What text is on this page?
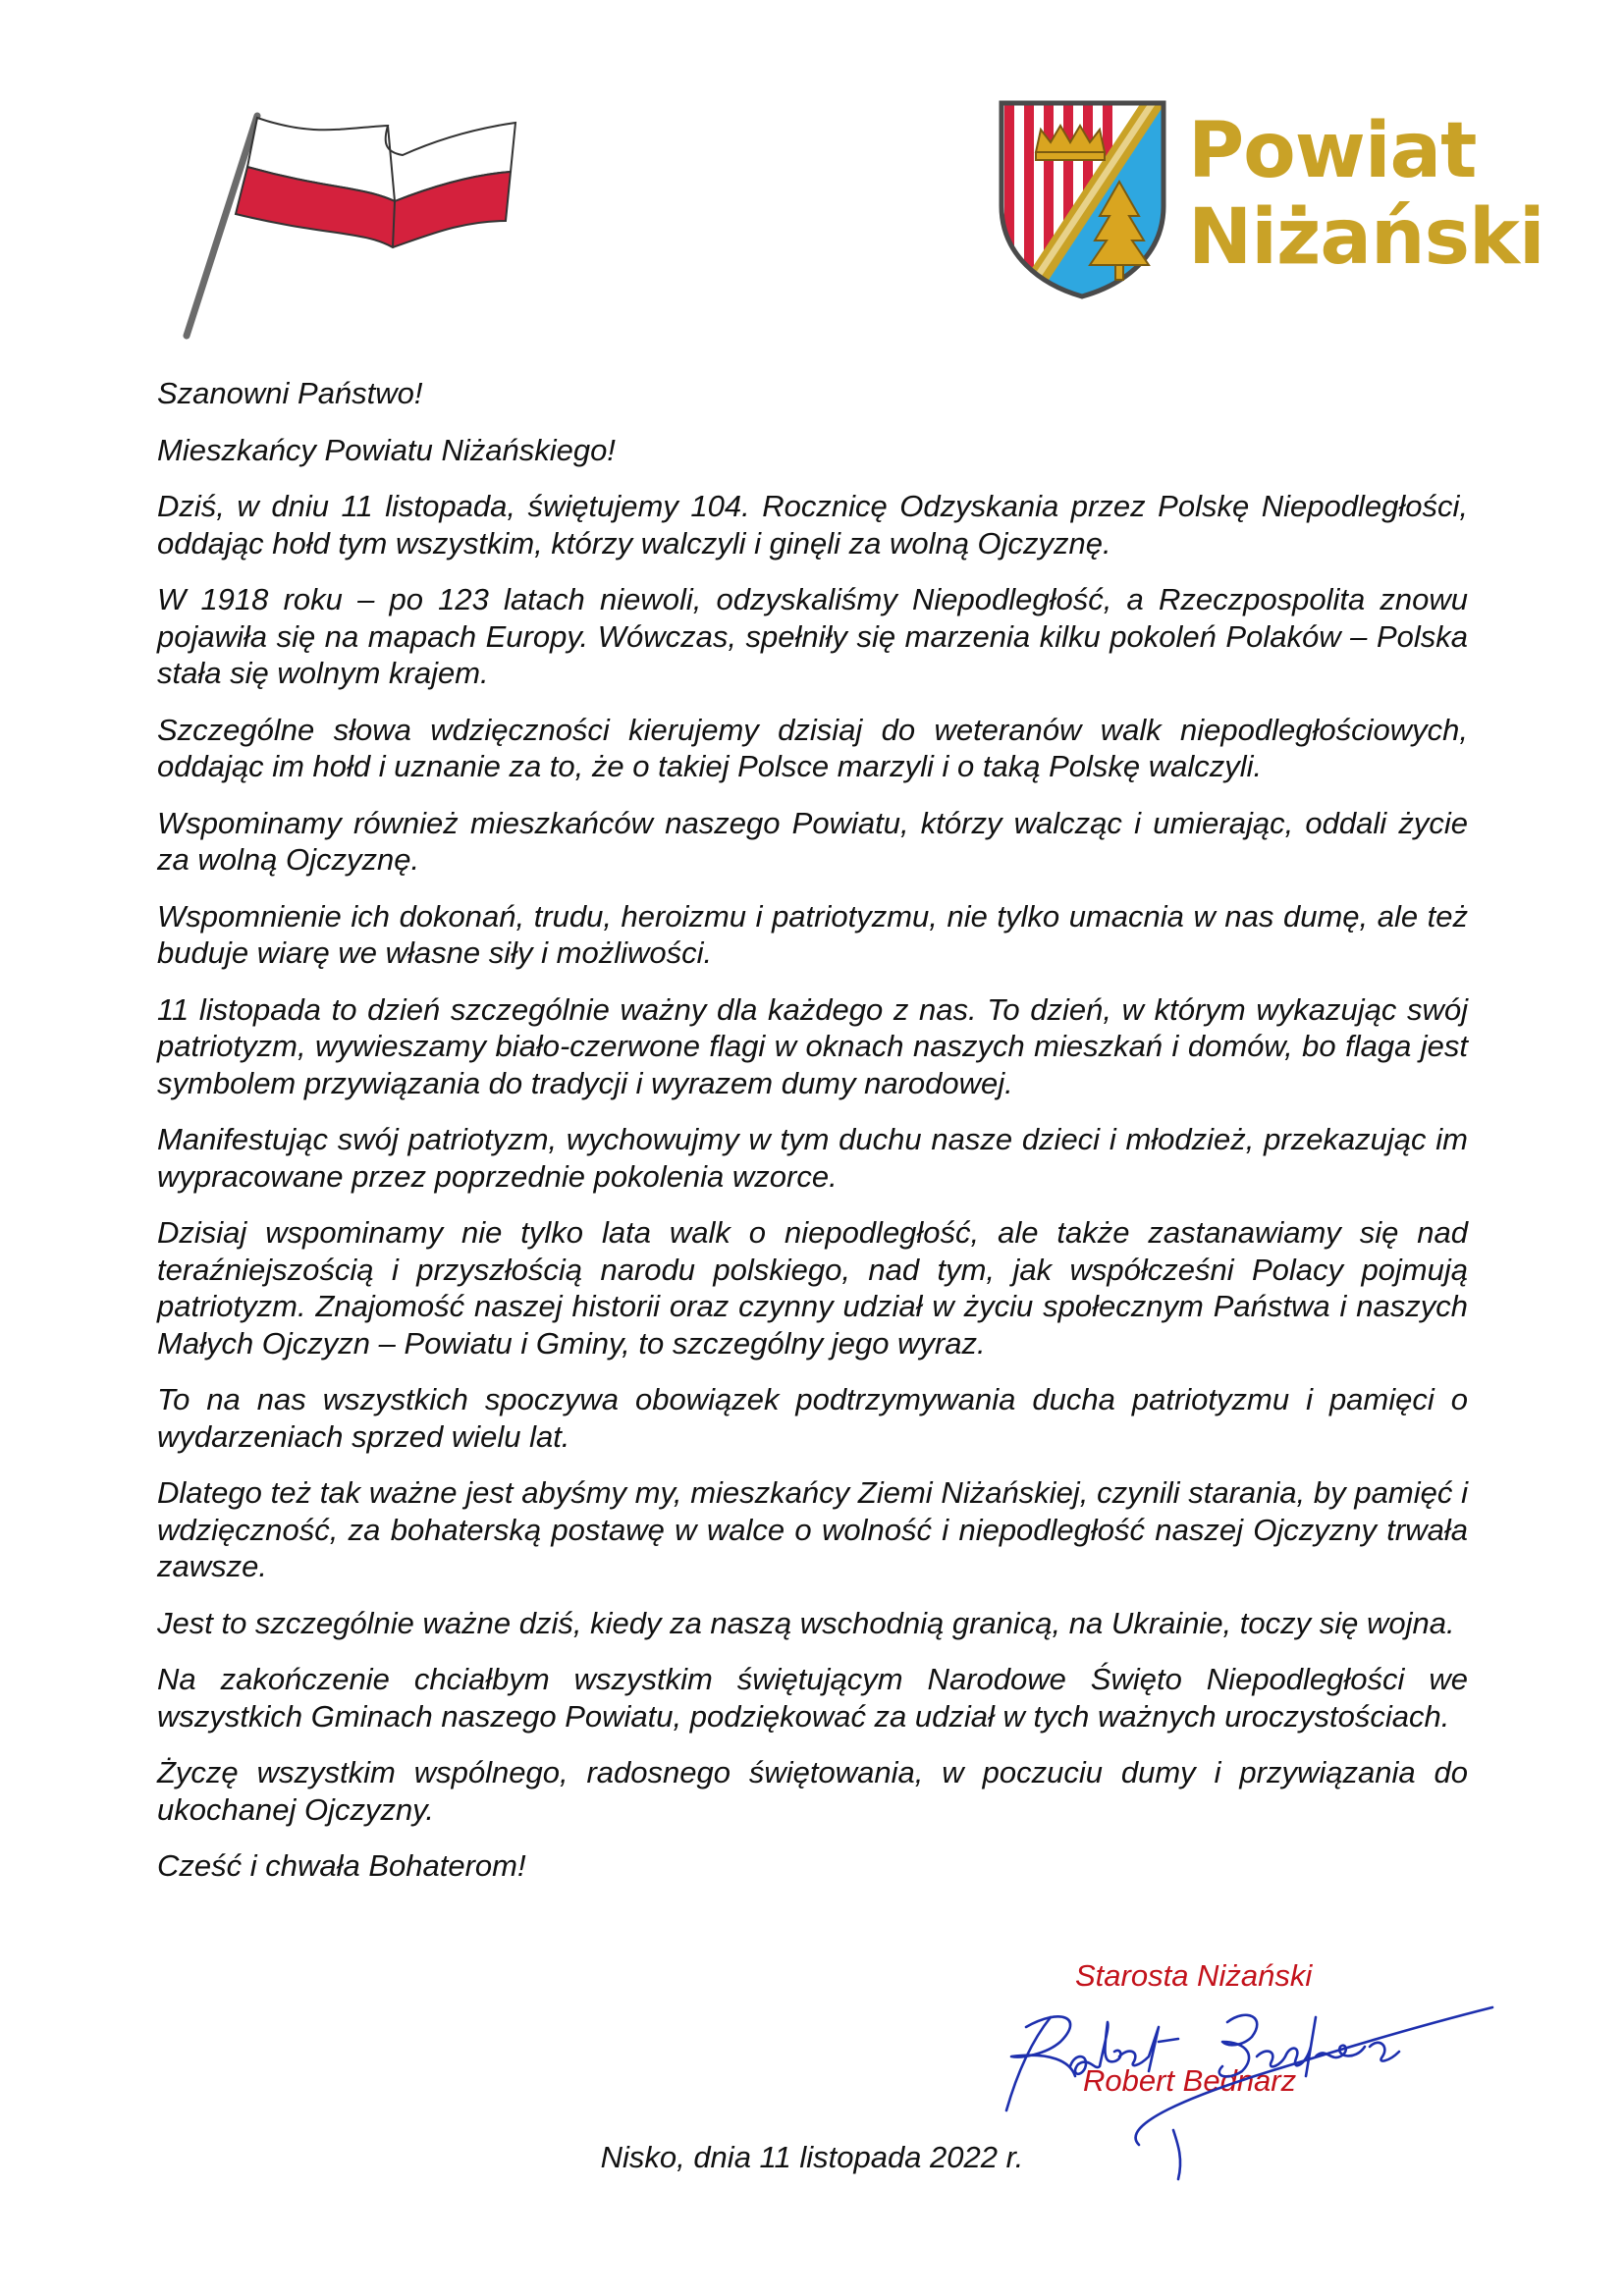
Powiat
Niżański

Szanowni Państwo!

Mieszkańcy Powiatu Niżańskiego!

Dziś, w dniu 11 listopada, świętujemy 104. Rocznicę Odzyskania przez Polskę Niepodległości, oddając hołd tym wszystkim, którzy walczyli i ginęli za wolną Ojczyznę.

W 1918 roku – po 123 latach niewoli, odzyskaliśmy Niepodległość, a Rzeczpospolita znowu pojawiła się na mapach Europy. Wówczas, spełniły się marzenia kilku pokoleń Polaków – Polska stała się wolnym krajem.

Szczególne słowa wdzięczności kierujemy dzisiaj do weteranów walk niepodległościowych, oddając im hołd i uznanie za to, że o takiej Polsce marzyli i o taką Polskę walczyli.

Wspominamy również mieszkańców naszego Powiatu, którzy walcząc i umierając, oddali życie za wolną Ojczyznę.

Wspomnienie ich dokonań, trudu, heroizmu i patriotyzmu, nie tylko umacnia w nas dumę, ale też buduje wiarę we własne siły i możliwości.

11 listopada to dzień szczególnie ważny dla każdego z nas. To dzień, w którym wykazując swój patriotyzm, wywieszamy biało-czerwone flagi w oknach naszych mieszkań i domów, bo flaga jest symbolem przywiązania do tradycji i wyrazem dumy narodowej.

Manifestując swój patriotyzm, wychowujmy w tym duchu nasze dzieci i młodzież, przekazując im wypracowane przez poprzednie pokolenia wzorce.

Dzisiaj wspominamy nie tylko lata walk o niepodległość, ale także zastanawiamy się nad teraźniejszością i przyszłością narodu polskiego, nad tym, jak współcześni Polacy pojmują patriotyzm. Znajomość naszej historii oraz czynny udział w życiu społecznym Państwa i naszych Małych Ojczyzn – Powiatu i Gminy, to szczególny jego wyraz.

To na nas wszystkich spoczywa obowiązek podtrzymywania ducha patriotyzmu i pamięci o wydarzeniach sprzed wielu lat.

Dlatego też tak ważne jest abyśmy my, mieszkańcy Ziemi Niżańskiej, czynili starania, by pamięć i wdzięczność, za bohaterską postawę w walce o wolność i niepodległość naszej Ojczyzny trwała zawsze.

Jest to szczególnie ważne dziś, kiedy za naszą wschodnią granicą, na Ukrainie, toczy się wojna.

Na zakończenie chciałbym wszystkim świętującym Narodowe Święto Niepodległości we wszystkich Gminach naszego Powiatu, podziękować za udział w tych ważnych uroczystościach.

Życzę wszystkim wspólnego, radosnego świętowania, w poczuciu dumy i przywiązania do ukochanej Ojczyzny.

Cześć i chwała Bohaterom!

Starosta Niżański
Robert Bednarz
Nisko, dnia 11 listopada 2022 r.
